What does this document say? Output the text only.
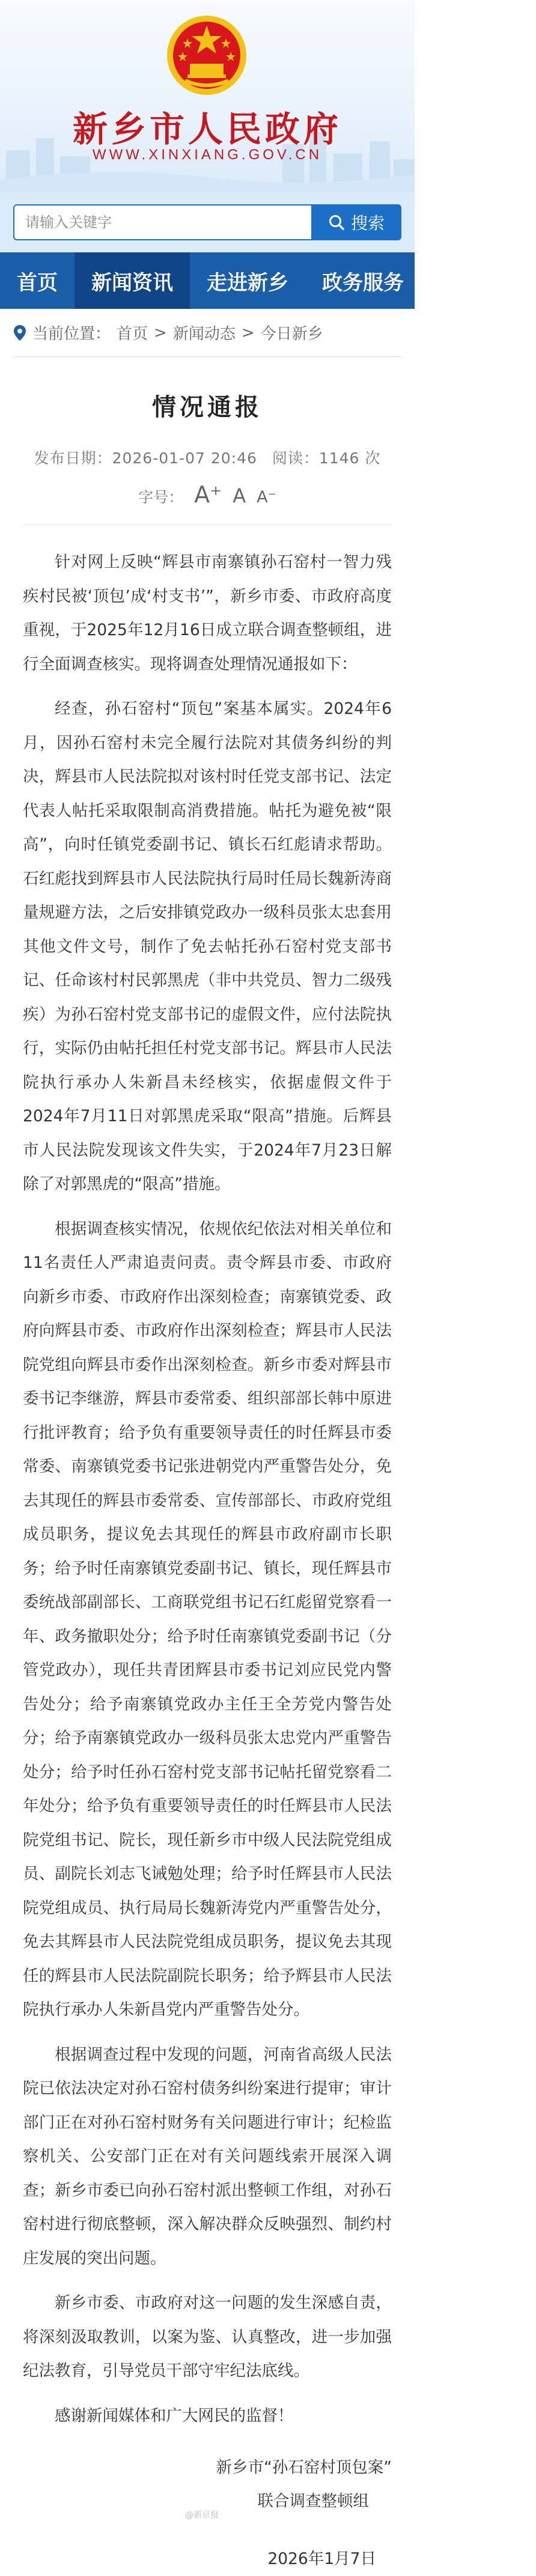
新乡市人民政府
WWW.XINXIANG.GOV.CN
请输入关键字
搜索
首页	新闻资讯	走进新乡	政务服务	互动交流
当前位置： 首页 > 新闻动态 > 今日新乡
情况通报
发布日期：2026-01-07 20:46 阅读：1146 次
字号： A⁺ A A⁻

针对网上反映“辉县市南寨镇孙石窑村一智力残疾村民被‘顶包’成‘村支书’”，新乡市委、市政府高度重视，于2025年12月16日成立联合调查整顿组，进行全面调查核实。现将调查处理情况通报如下：

经查，孙石窑村“顶包”案基本属实。2024年6月，因孙石窑村未完全履行法院对其债务纠纷的判决，辉县市人民法院拟对该村时任党支部书记、法定代表人帖托采取限制高消费措施。帖托为避免被“限高”，向时任镇党委副书记、镇长石红彪请求帮助。石红彪找到辉县市人民法院执行局时任局长魏新涛商量规避方法，之后安排镇党政办一级科员张太忠套用其他文件文号，制作了免去帖托孙石窑村党支部书记、任命该村村民郭黑虎（非中共党员、智力二级残疾）为孙石窑村党支部书记的虚假文件，应付法院执行，实际仍由帖托担任村党支部书记。辉县市人民法院执行承办人朱新昌未经核实，依据虚假文件于2024年7月11日对郭黑虎采取“限高”措施。后辉县市人民法院发现该文件失实，于2024年7月23日解除了对郭黑虎的“限高”措施。

根据调查核实情况，依规依纪依法对相关单位和11名责任人严肃追责问责。责令辉县市委、市政府向新乡市委、市政府作出深刻检查；南寨镇党委、政府向辉县市委、市政府作出深刻检查；辉县市人民法院党组向辉县市委作出深刻检查。新乡市委对辉县市委书记李继游，辉县市委常委、组织部部长韩中原进行批评教育；给予负有重要领导责任的时任辉县市委常委、南寨镇党委书记张进朝党内严重警告处分，免去其现任的辉县市委常委、宣传部部长、市政府党组成员职务，提议免去其现任的辉县市政府副市长职务；给予时任南寨镇党委副书记、镇长，现任辉县市委统战部副部长、工商联党组书记石红彪留党察看一年、政务撤职处分；给予时任南寨镇党委副书记（分管党政办），现任共青团辉县市委书记刘应民党内警告处分；给予南寨镇党政办主任王全芳党内警告处分；给予南寨镇党政办一级科员张太忠党内严重警告处分；给予时任孙石窑村党支部书记帖托留党察看二年处分；给予负有重要领导责任的时任辉县市人民法院党组书记、院长，现任新乡市中级人民法院党组成员、副院长刘志飞诫勉处理；给予时任辉县市人民法院党组成员、执行局局长魏新涛党内严重警告处分，免去其辉县市人民法院党组成员职务，提议免去其现任的辉县市人民法院副院长职务；给予辉县市人民法院执行承办人朱新昌党内严重警告处分。

根据调查过程中发现的问题，河南省高级人民法院已依法决定对孙石窑村债务纠纷案进行提审；审计部门正在对孙石窑村财务有关问题进行审计；纪检监察机关、公安部门正在对有关问题线索开展深入调查；新乡市委已向孙石窑村派出整顿工作组，对孙石窑村进行彻底整顿，深入解决群众反映强烈、制约村庄发展的突出问题。

新乡市委、市政府对这一问题的发生深感自责，将深刻汲取教训，以案为鉴、认真整改，进一步加强纪法教育，引导党员干部守牢纪法底线。

感谢新闻媒体和广大网民的监督！

新乡市“孙石窑村顶包案”
联合调查整顿组
2026年1月7日
@新京报
